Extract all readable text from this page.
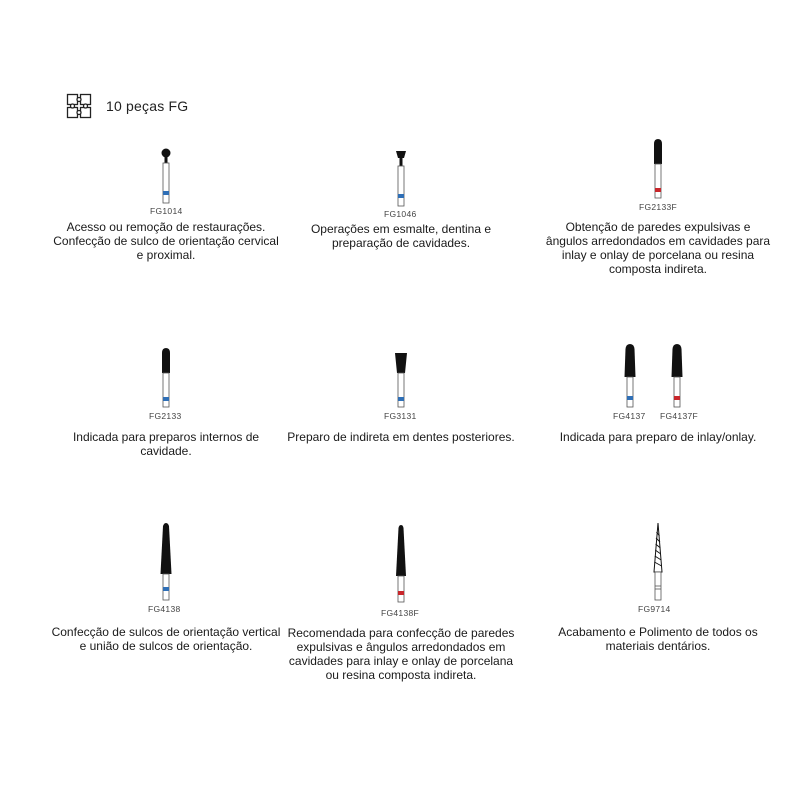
10 peças FG
FG1014
Acesso ou remoção de restaurações. Confecção de sulco de orientação cervical e proximal.
FG1046
Operações em esmalte, dentina e preparação de cavidades.
FG2133F
Obtenção de paredes expulsivas e ângulos arredondados em cavidades para inlay e onlay de porcelana ou resina composta indireta.
FG2133
Indicada para preparos internos de cavidade.
FG3131
Preparo de indireta em dentes posteriores.
FG4137 FG4137F
Indicada para preparo de inlay/onlay.
FG4138
Confecção de sulcos de orientação vertical e união de sulcos de orientação.
FG4138F
Recomendada para confecção de paredes expulsivas e ângulos arredondados em cavidades para inlay e onlay de porcelana ou resina composta indireta.
FG9714
Acabamento e Polimento de todos os materiais dentários.
